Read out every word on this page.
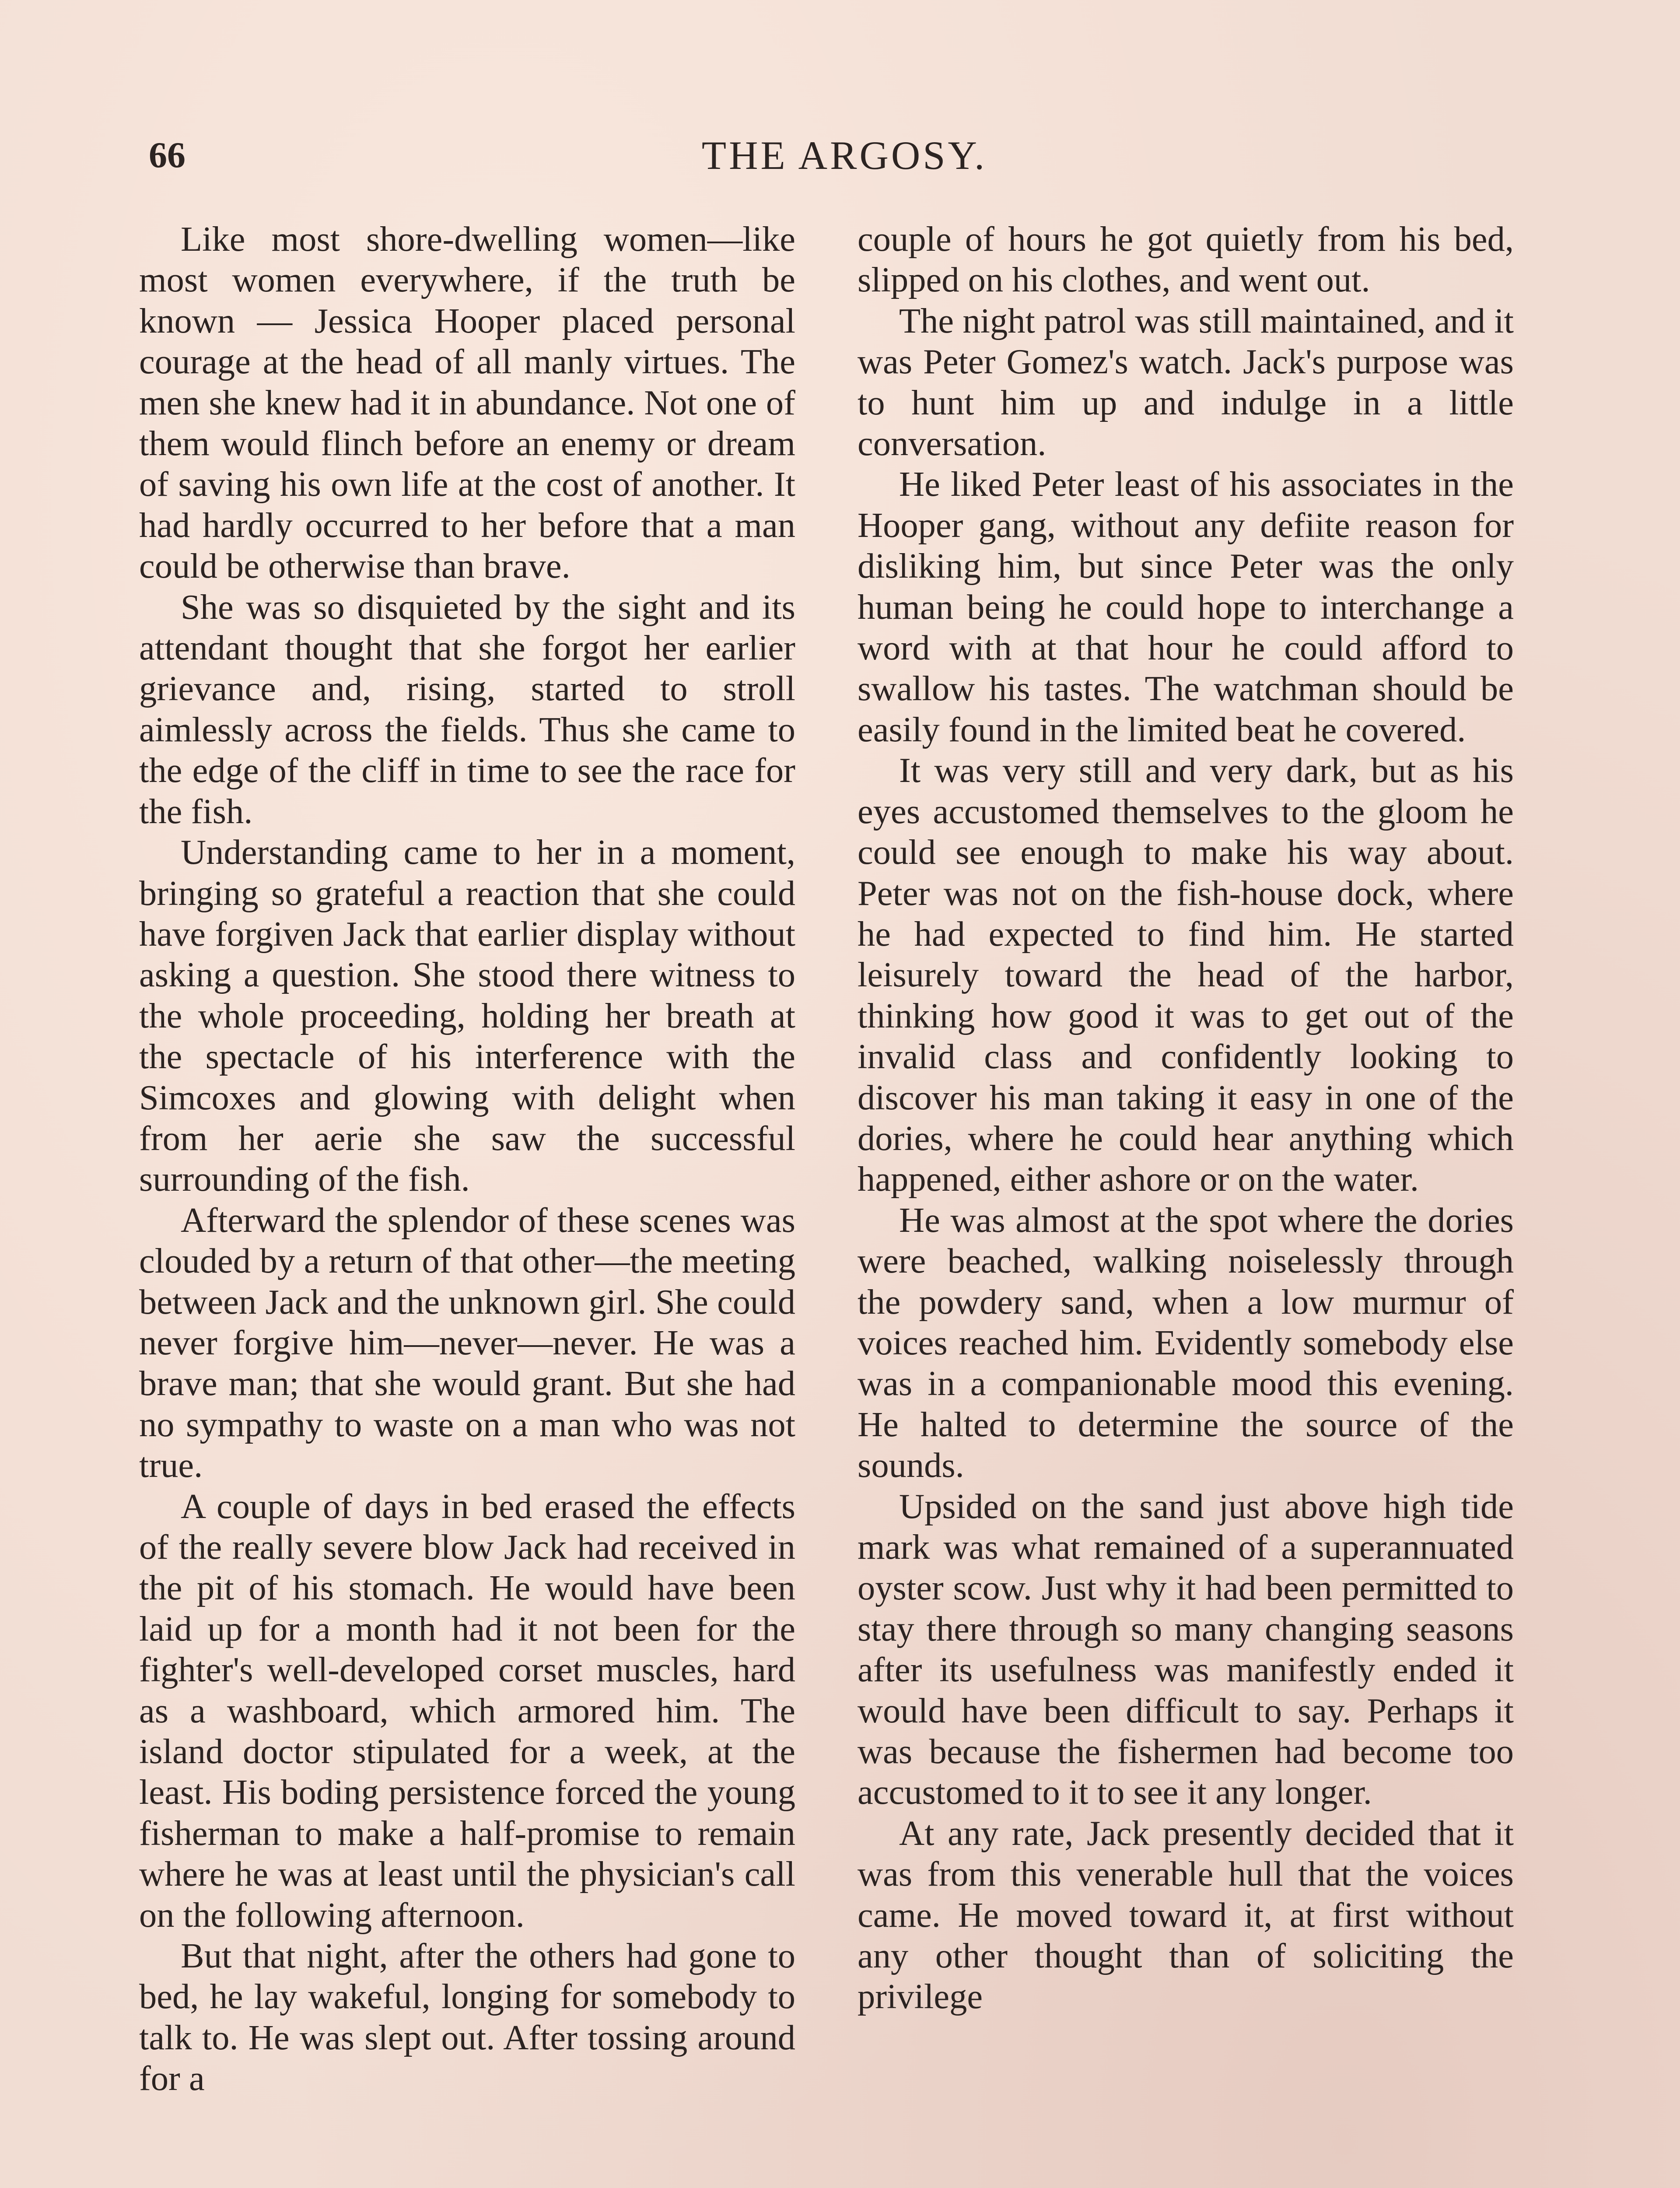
66	THE ARGOSY.

Like most shore-dwelling women—like most women everywhere, if the truth be known — Jessica Hooper placed personal courage at the head of all manly virtues. The men she knew had it in abundance. Not one of them would flinch before an enemy or dream of saving his own life at the cost of another. It had hardly occurred to her before that a man could be otherwise than brave.

She was so disquieted by the sight and its attendant thought that she forgot her earlier grievance and, rising, started to stroll aimlessly across the fields. Thus she came to the edge of the cliff in time to see the race for the fish.

Understanding came to her in a moment, bringing so grateful a reaction that she could have forgiven Jack that earlier display without asking a question. She stood there witness to the whole proceeding, holding her breath at the spectacle of his interference with the Simcoxes and glowing with delight when from her aerie she saw the successful surrounding of the fish.

Afterward the splendor of these scenes was clouded by a return of that other—the meeting between Jack and the unknown girl. She could never forgive him—never—never. He was a brave man; that she would grant. But she had no sympathy to waste on a man who was not true.

A couple of days in bed erased the effects of the really severe blow Jack had received in the pit of his stomach. He would have been laid up for a month had it not been for the fighter's well-developed corset muscles, hard as a washboard, which armored him. The island doctor stipulated for a week, at the least. His boding persistence forced the young fisherman to make a half-promise to remain where he was at least until the physician's call on the following afternoon.

But that night, after the others had gone to bed, he lay wakeful, longing for somebody to talk to. He was slept out. After tossing around for a

couple of hours he got quietly from his bed, slipped on his clothes, and went out.

The night patrol was still maintained, and it was Peter Gomez's watch. Jack's purpose was to hunt him up and indulge in a little conversation.

He liked Peter least of his associates in the Hooper gang, without any defiite reason for disliking him, but since Peter was the only human being he could hope to interchange a word with at that hour he could afford to swallow his tastes. The watchman should be easily found in the limited beat he covered.

It was very still and very dark, but as his eyes accustomed themselves to the gloom he could see enough to make his way about. Peter was not on the fish-house dock, where he had expected to find him. He started leisurely toward the head of the harbor, thinking how good it was to get out of the invalid class and confidently looking to discover his man taking it easy in one of the dories, where he could hear anything which happened, either ashore or on the water.

He was almost at the spot where the dories were beached, walking noiselessly through the powdery sand, when a low murmur of voices reached him. Evidently somebody else was in a companionable mood this evening. He halted to determine the source of the sounds.

Upsided on the sand just above high tide mark was what remained of a superannuated oyster scow. Just why it had been permitted to stay there through so many changing seasons after its usefulness was manifestly ended it would have been difficult to say. Perhaps it was because the fishermen had become too accustomed to it to see it any longer.

At any rate, Jack presently decided that it was from this venerable hull that the voices came. He moved toward it, at first without any other thought than of soliciting the privilege
